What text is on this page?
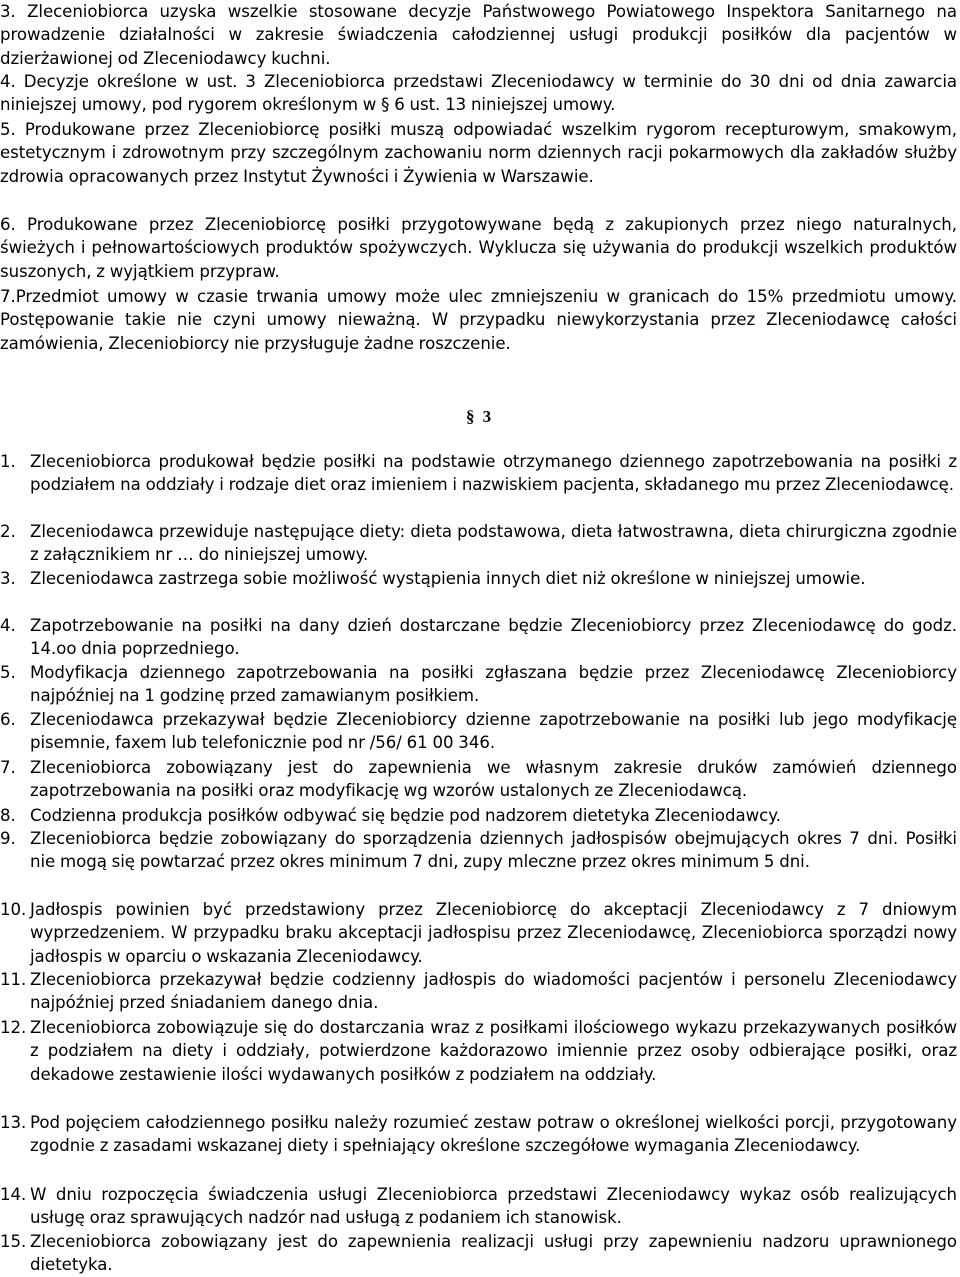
3. Zleceniobiorca uzyska wszelkie stosowane decyzje Państwowego Powiatowego Inspektora Sanitarnego na prowadzenie działalności w zakresie świadczenia całodziennej usługi produkcji posiłków dla pacjentów w dzierżawionej od Zleceniodawcy kuchni.

4. Decyzje określone w ust. 3 Zleceniobiorca przedstawi Zleceniodawcy w terminie do 30 dni od dnia zawarcia niniejszej umowy, pod rygorem określonym w § 6 ust. 13 niniejszej umowy.

5. Produkowane przez Zleceniobiorcę posiłki muszą odpowiadać wszelkim rygorom recepturowym, smakowym, estetycznym i zdrowotnym przy szczególnym zachowaniu norm dziennych racji pokarmowych dla zakładów służby zdrowia opracowanych przez Instytut Żywności i Żywienia w Warszawie.

6. Produkowane przez Zleceniobiorcę posiłki przygotowywane będą z zakupionych przez niego naturalnych, świeżych i pełnowartościowych produktów spożywczych. Wyklucza się używania do produkcji wszelkich produktów suszonych, z wyjątkiem przypraw.

7.Przedmiot umowy w czasie trwania umowy może ulec zmniejszeniu w granicach do 15% przedmiotu umowy. Postępowanie takie nie czyni umowy nieważną. W przypadku niewykorzystania przez Zleceniodawcę całości zamówienia, Zleceniobiorcy nie przysługuje żadne roszczenie.

§ 3
1. Zleceniobiorca produkował będzie posiłki na podstawie otrzymanego dziennego zapotrzebowania na posiłki z podziałem na oddziały i rodzaje diet oraz imieniem i nazwiskiem pacjenta, składanego mu przez Zleceniodawcę.
2. Zleceniodawca przewiduje następujące diety: dieta podstawowa, dieta łatwostrawna, dieta chirurgiczna zgodnie z załącznikiem nr … do niniejszej umowy.
3. Zleceniodawca zastrzega sobie możliwość wystąpienia innych diet niż określone w niniejszej umowie.
4. Zapotrzebowanie na posiłki na dany dzień dostarczane będzie Zleceniobiorcy przez Zleceniodawcę do godz. 14.oo dnia poprzedniego.
5. Modyfikacja dziennego zapotrzebowania na posiłki zgłaszana będzie przez Zleceniodawcę Zleceniobiorcy najpóźniej na 1 godzinę przed zamawianym posiłkiem.
6. Zleceniodawca przekazywał będzie Zleceniobiorcy dzienne zapotrzebowanie na posiłki lub jego modyfikację pisemnie, faxem lub telefonicznie pod nr /56/ 61 00 346.
7. Zleceniobiorca zobowiązany jest do zapewnienia we własnym zakresie druków zamówień dziennego zapotrzebowania na posiłki oraz modyfikację wg wzorów ustalonych ze Zleceniodawcą.
8. Codzienna produkcja posiłków odbywać się będzie pod nadzorem dietetyka Zleceniodawcy.
9. Zleceniobiorca będzie zobowiązany do sporządzenia dziennych jadłospisów obejmujących okres 7 dni. Posiłki nie mogą się powtarzać przez okres minimum 7 dni, zupy mleczne przez okres minimum 5 dni.
10. Jadłospis powinien być przedstawiony przez Zleceniobiorcę do akceptacji Zleceniodawcy z 7 dniowym wyprzedzeniem. W przypadku braku akceptacji jadłospisu przez Zleceniodawcę, Zleceniobiorca sporządzi nowy jadłospis w oparciu o wskazania Zleceniodawcy.
11. Zleceniobiorca przekazywał będzie codzienny jadłospis do wiadomości pacjentów i personelu Zleceniodawcy najpóźniej przed śniadaniem danego dnia.
12. Zleceniobiorca zobowiązuje się do dostarczania wraz z posiłkami ilościowego wykazu przekazywanych posiłków z podziałem na diety i oddziały, potwierdzone każdorazowo imiennie przez osoby odbierające posiłki, oraz dekadowe zestawienie ilości wydawanych posiłków z podziałem na oddziały.
13. Pod pojęciem całodziennego posiłku należy rozumieć zestaw potraw o określonej wielkości porcji, przygotowany zgodnie z zasadami wskazanej diety i spełniający określone szczegółowe wymagania Zleceniodawcy.
14. W dniu rozpoczęcia świadczenia usługi Zleceniobiorca przedstawi Zleceniodawcy wykaz osób realizujących usługę oraz sprawujących nadzór nad usługą z podaniem ich stanowisk.
15. Zleceniobiorca zobowiązany jest do zapewnienia realizacji usługi przy zapewnieniu nadzoru uprawnionego dietetyka.
